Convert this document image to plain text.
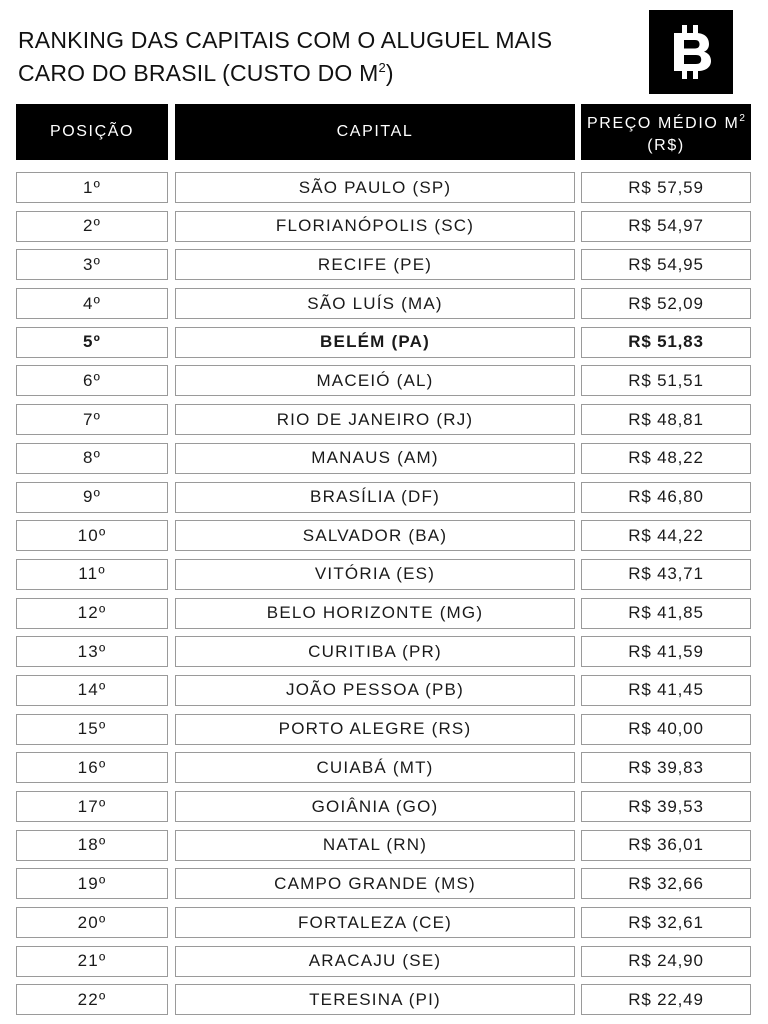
RANKING DAS CAPITAIS COM O ALUGUEL MAIS
CARO DO BRASIL (CUSTO DO $M^2$)
POSIÇÃO	CAPITAL	PREÇO MÉDIO $M^2$
(R$)
1º	SÃO PAULO (SP)	R$ 57,59
2º	FLORIANÓPOLIS (SC)	R$ 54,97
3º	RECIFE (PE)	R$ 54,95
4º	SÃO LUÍS (MA)	R$ 52,09
5º	BELÉM (PA)	R$ 51,83
6º	MACEIÓ (AL)	R$ 51,51
7º	RIO DE JANEIRO (RJ)	R$ 48,81
8º	MANAUS (AM)	R$ 48,22
9º	BRASÍLIA (DF)	R$ 46,80
10º	SALVADOR (BA)	R$ 44,22
11º	VITÓRIA (ES)	R$ 43,71
12º	BELO HORIZONTE (MG)	R$ 41,85
13º	CURITIBA (PR)	R$ 41,59
14º	JOÃO PESSOA (PB)	R$ 41,45
15º	PORTO ALEGRE (RS)	R$ 40,00
16º	CUIABÁ (MT)	R$ 39,83
17º	GOIÂNIA (GO)	R$ 39,53
18º	NATAL (RN)	R$ 36,01
19º	CAMPO GRANDE (MS)	R$ 32,66
20º	FORTALEZA (CE)	R$ 32,61
21º	ARACAJU (SE)	R$ 24,90
22º	TERESINA (PI)	R$ 22,49
